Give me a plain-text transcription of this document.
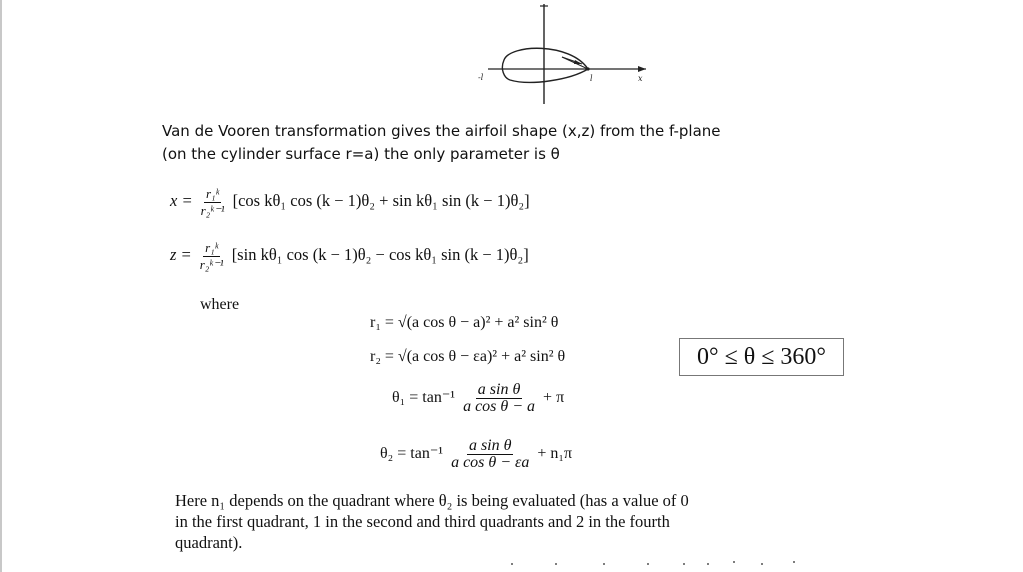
-l	l	x
Van de Vooren transformation gives the airfoil shape (x,z) from the f-plane
(on the cylinder surface r=a) the only parameter is θ
$x = \frac{\text{r₁ᵏ}}{\text{r₂ᵏ⁻¹}} [\cos$ kθ₁ cos (k − 1)θ₂ + sin kθ₁ sin (k − 1)θ₂]
$z = \frac{\text{r₁ᵏ}}{\text{r₂ᵏ⁻¹}} [\sin$ kθ₁ cos (k − 1)θ₂ − cos kθ₁ sin (k − 1)θ₂]
where
r₁ = √(a cos θ − a)² + a² sin² θ
r₂ = √(a cos θ − εa)² + a² sin² θ
$\theta_1 = \tan^{-1} \frac{\text{a sin θ}}{\text{a cos θ − a}} + \pi$
$\theta_2 = \tan^{-1} \frac{\text{a sin θ}}{\text{a cos θ − εa}} + n_1\pi$
0° ≤ θ ≤ 360°
Here n₁ depends on the quadrant where θ₂ is being evaluated (has a value of 0
in the first quadrant, 1 in the second and third quadrants and 2 in the fourth
quadrant).
